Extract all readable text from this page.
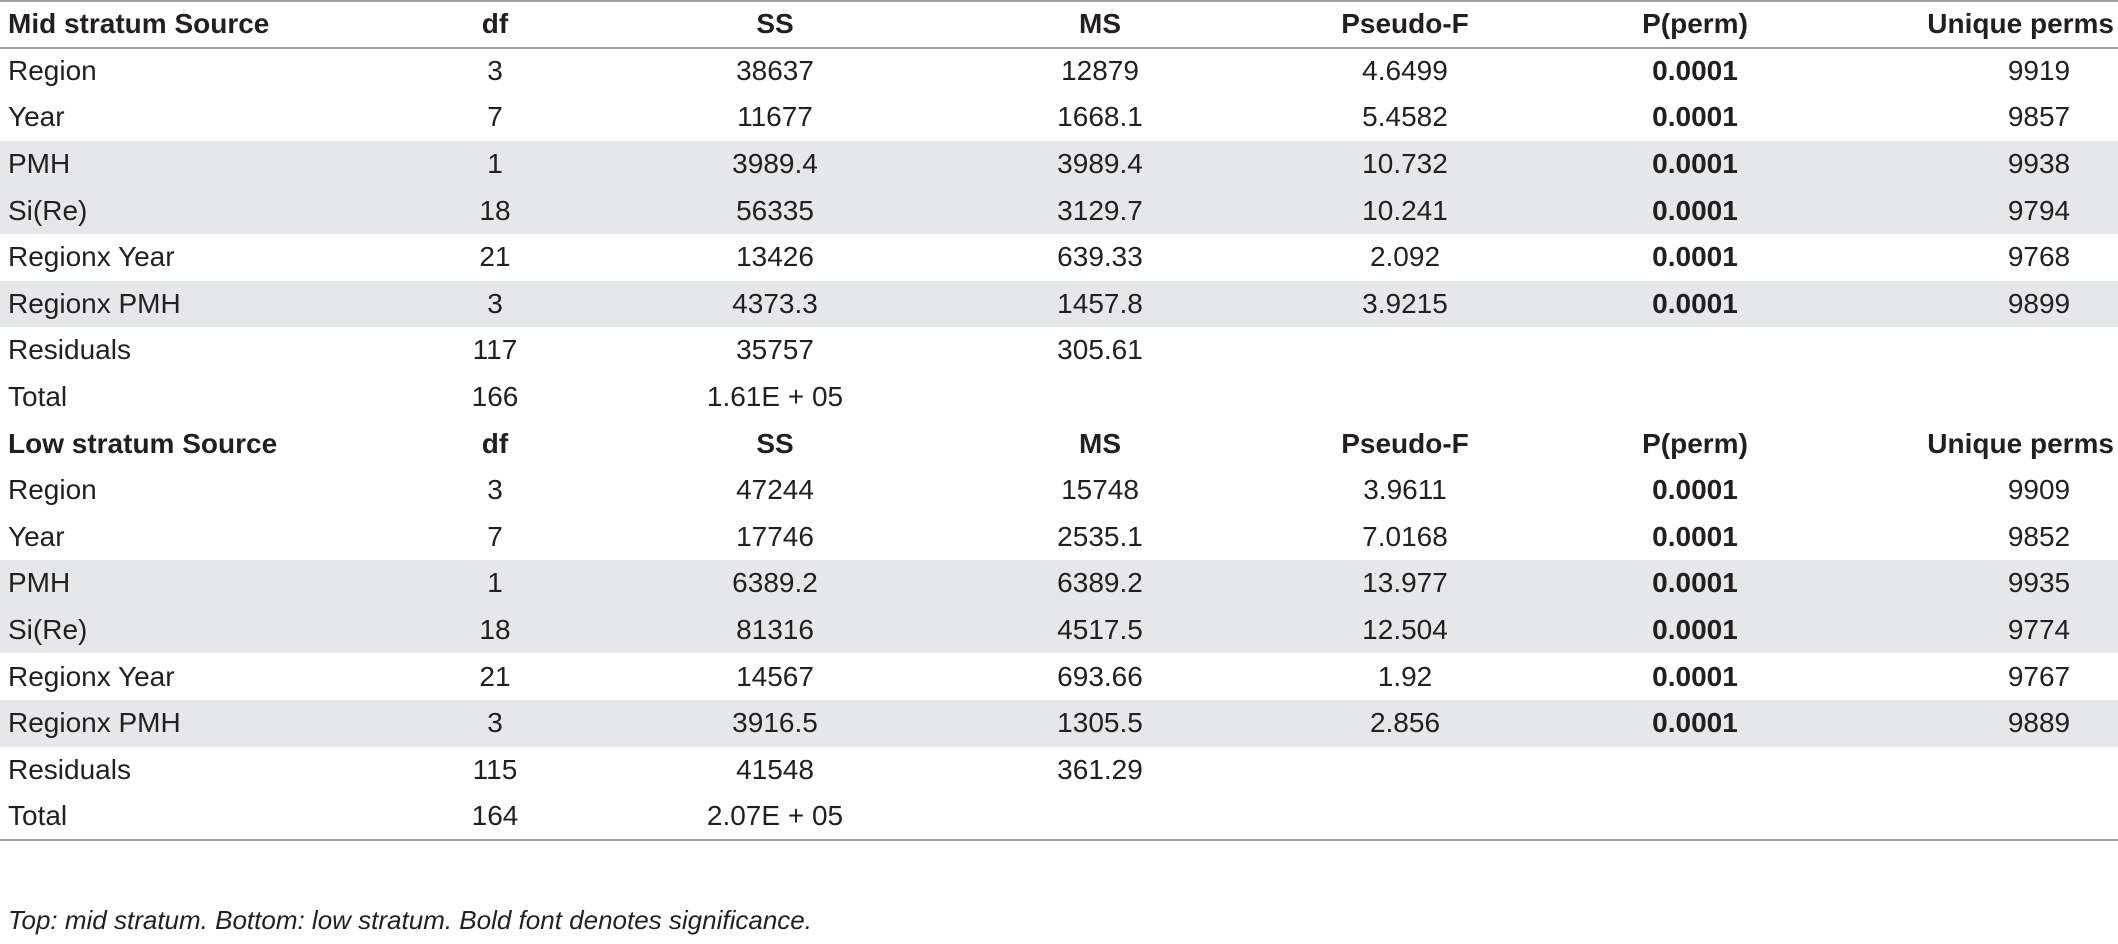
Mid stratum Source	df	SS	MS	Pseudo-F	P(perm)	Unique perms
Region	3	38637	12879	4.6499	0.0001	9919
Year	7	11677	1668.1	5.4582	0.0001	9857
PMH	1	3989.4	3989.4	10.732	0.0001	9938
Si(Re)	18	56335	3129.7	10.241	0.0001	9794
Regionx Year	21	13426	639.33	2.092	0.0001	9768
Regionx PMH	3	4373.3	1457.8	3.9215	0.0001	9899
Residuals	117	35757	305.61			
Total	166	1.61E + 05				
Low stratum Source	df	SS	MS	Pseudo-F	P(perm)	Unique perms
Region	3	47244	15748	3.9611	0.0001	9909
Year	7	17746	2535.1	7.0168	0.0001	9852
PMH	1	6389.2	6389.2	13.977	0.0001	9935
Si(Re)	18	81316	4517.5	12.504	0.0001	9774
Regionx Year	21	14567	693.66	1.92	0.0001	9767
Regionx PMH	3	3916.5	1305.5	2.856	0.0001	9889
Residuals	115	41548	361.29			
Total	164	2.07E + 05				
Top: mid stratum. Bottom: low stratum. Bold font denotes significance.
